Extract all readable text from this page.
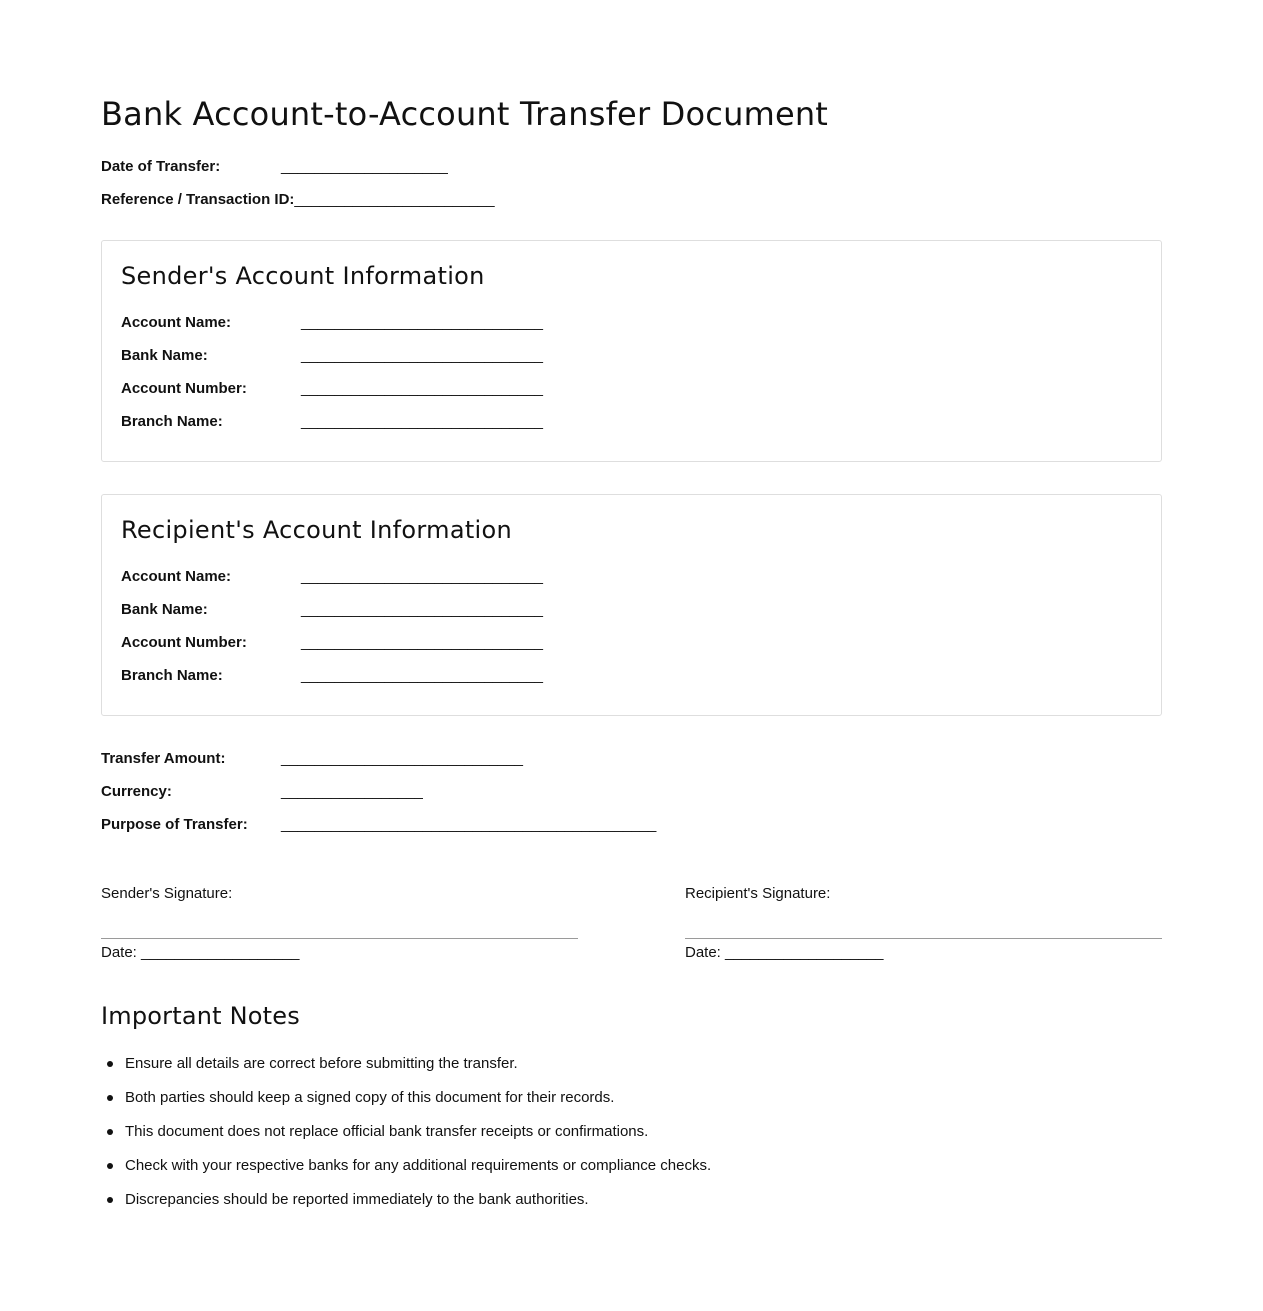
Bank Account-to-Account Transfer Document
Date of Transfer:	____________________
Reference / Transaction ID:________________________
Sender's Account Information
Account Name:	_____________________________
Bank Name:	_____________________________
Account Number:	_____________________________
Branch Name:	_____________________________
Recipient's Account Information
Account Name:	_____________________________
Bank Name:	_____________________________
Account Number:	_____________________________
Branch Name:	_____________________________
Transfer Amount:	_____________________________
Currency:	_________________
Purpose of Transfer: _____________________________________________
Sender's Signature:
Date: ___________________
Recipient's Signature:
Date: ___________________
Important Notes
Ensure all details are correct before submitting the transfer.
Both parties should keep a signed copy of this document for their records.
This document does not replace official bank transfer receipts or confirmations.
Check with your respective banks for any additional requirements or compliance checks.
Discrepancies should be reported immediately to the bank authorities.
